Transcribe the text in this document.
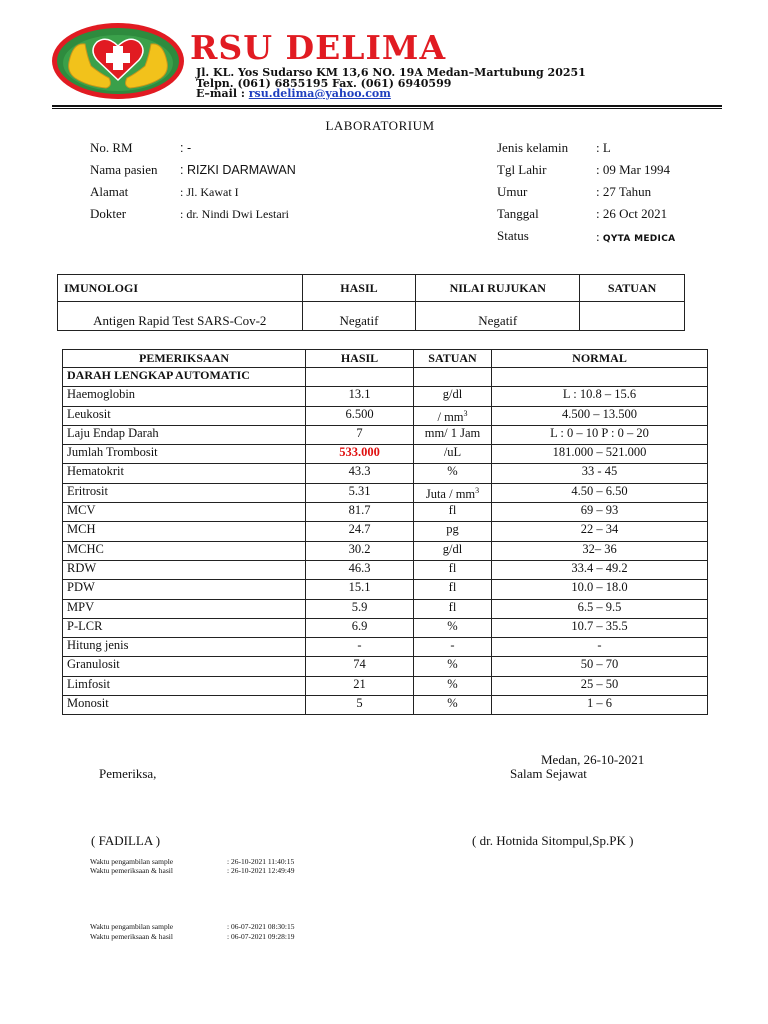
RSU DELIMA
Jl. KL. Yos Sudarso KM 13,6 NO. 19A Medan–Martubung 20251
Telpn. (061) 6855195 Fax. (061) 6940599
E–mail : rsu.delima@yahoo.com
LABORATORIUM
No. RM	: -
Nama pasien : RIZKI DARMAWAN
Alamat	: Jl. Kawat I
Dokter	: dr. Nindi Dwi Lestari
Jenis kelamin : L
Tgl Lahir	: 09 Mar 1994
Umur	: 27 Tahun
Tanggal	: 26 Oct 2021
Status	: QYTA MEDICA
IMUNOLOGI	HASIL	NILAI RUJUKAN	SATUAN
Antigen Rapid Test SARS-Cov-2	Negatif	Negatif	
PEMERIKSAAN	HASIL	SATUAN	NORMAL
DARAH LENGKAP AUTOMATIC			
Haemoglobin	13.1	g/dl	L : 10.8 – 15.6
Leukosit	6.500	/ $mm^3$	4.500 – 13.500
Laju Endap Darah	7	mm/ 1 Jam	L : 0 – 10 P : 0 – 20
Jumlah Trombosit	533.000	/uL	181.000 – 521.000
Hematokrit	43.3	%	33 - 45
Eritrosit	5.31	Juta / $mm^3$	4.50 – 6.50
MCV	81.7	fl	69 – 93
MCH	24.7	pg	22 – 34
MCHC	30.2	g/dl	32– 36
RDW	46.3	fl	33.4 – 49.2
PDW	15.1	fl	10.0 – 18.0
MPV	5.9	fl	6.5 – 9.5
P-LCR	6.9	%	10.7 – 35.5
Hitung jenis	-	-	-
Granulosit	74	%	50 – 70
Limfosit	21	%	25 – 50
Monosit	5	%	1 – 6
Medan, 26-10-2021
Pemeriksa,	Salam Sejawat
( FADILLA )	( dr. Hotnida Sitompul,Sp.PK )
Waktu pengambilan sample	: 26-10-2021 11:40:15
Waktu pemeriksaan & hasil	: 26-10-2021 12:49:49
Waktu pengambilan sample	: 06-07-2021 08:30:15
Waktu pemeriksaan & hasil	: 06-07-2021 09:28:19
